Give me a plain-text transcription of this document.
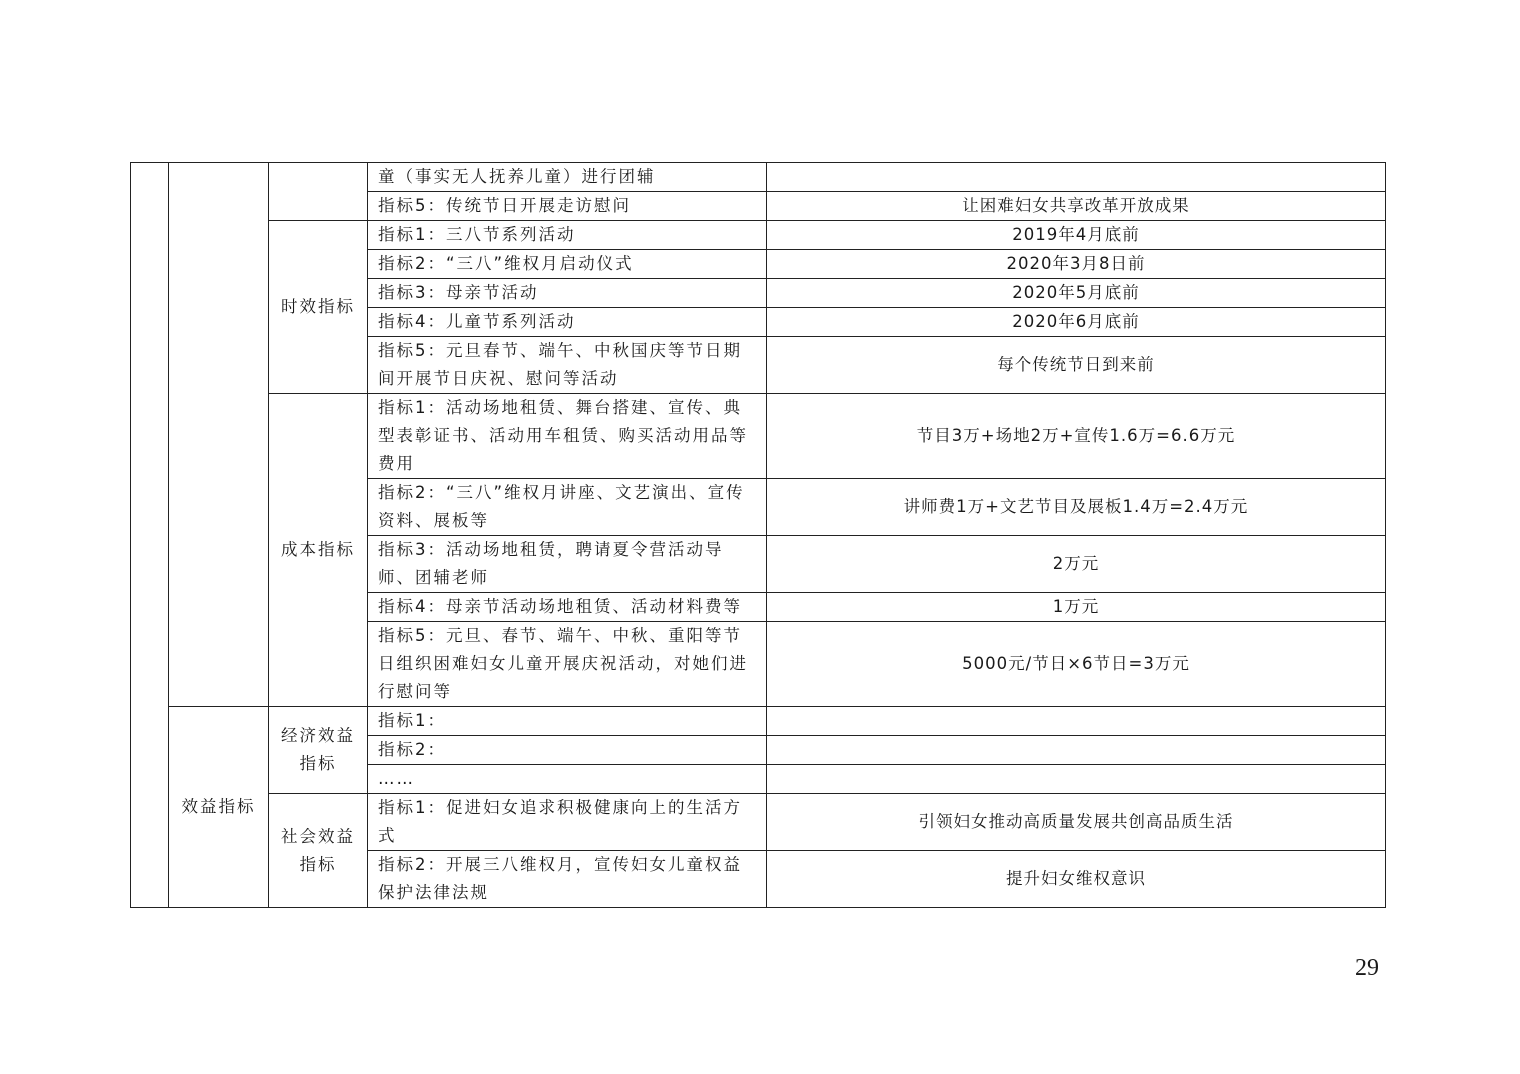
			童（事实无人抚养儿童）进行团辅	
			指标5：传统节日开展走访慰问	让困难妇女共享改革开放成果
		时效指标	指标1：三八节系列活动	2019年4月底前
			指标2：“三八”维权月启动仪式	2020年3月8日前
			指标3：母亲节活动	2020年5月底前
			指标4：儿童节系列活动	2020年6月底前
			指标5：元旦春节、端午、中秋国庆等节日期间开展节日庆祝、慰问等活动	每个传统节日到来前
		成本指标	指标1：活动场地租赁、舞台搭建、宣传、典型表彰证书、活动用车租赁、购买活动用品等费用	节目3万+场地2万+宣传1.6万=6.6万元
			指标2：“三八”维权月讲座、文艺演出、宣传资料、展板等	讲师费1万+文艺节目及展板1.4万=2.4万元
			指标3：活动场地租赁，聘请夏令营活动导师、团辅老师	2万元
			指标4：母亲节活动场地租赁、活动材料费等	1万元
			指标5：元旦、春节、端午、中秋、重阳等节日组织困难妇女儿童开展庆祝活动，对她们进行慰问等	5000元/节日×6节日=3万元
	效益指标	经济效益指标	指标1：	
			指标2：	
			……	
		社会效益指标	指标1：促进妇女追求积极健康向上的生活方式	引领妇女推动高质量发展共创高品质生活
			指标2：开展三八维权月，宣传妇女儿童权益保护法律法规	提升妇女维权意识
29
